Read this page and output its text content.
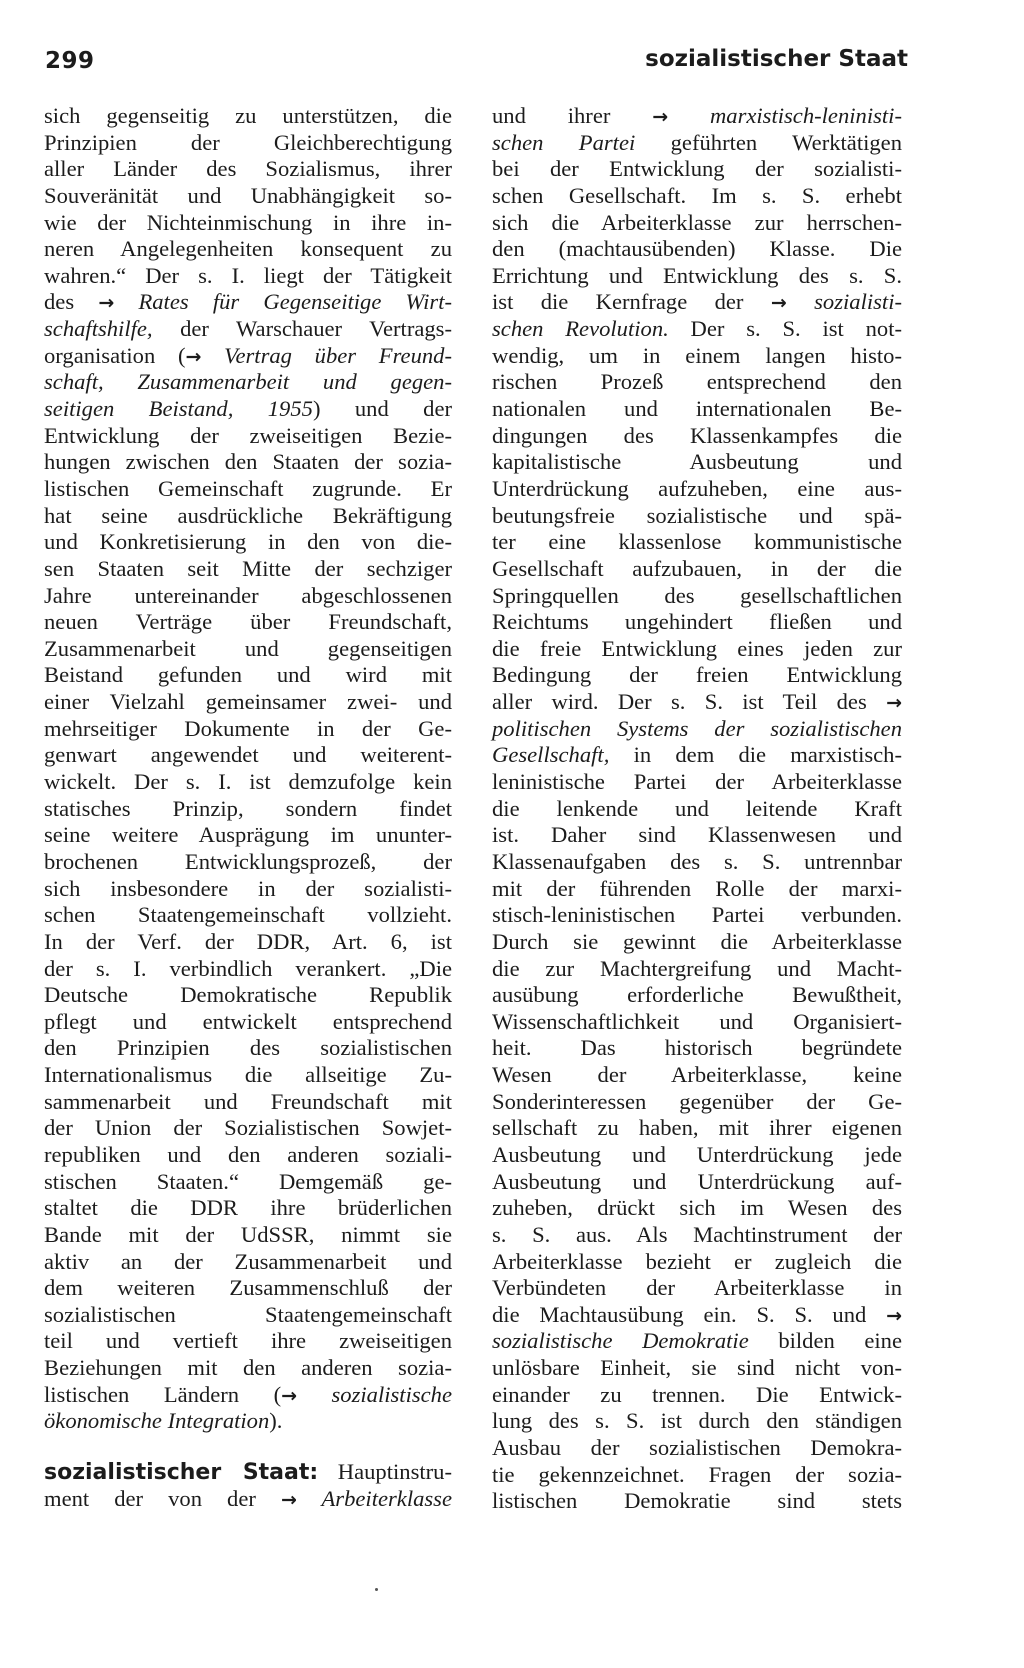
299	sozialistischer Staat
sich gegenseitig zu unterstützen, die
Prinzipien der Gleichberechtigung
aller Länder des Sozialismus, ihrer
Souveränität und Unabhängigkeit so-
wie der Nichteinmischung in ihre in-
neren Angelegenheiten konsequent zu
wahren.“ Der s. I. liegt der Tätigkeit
des → Rates für Gegenseitige Wirt-
schaftshilfe, der Warschauer Vertrags-
organisation (→ Vertrag über Freund-
schaft, Zusammenarbeit und gegen-
seitigen Beistand, 1955) und der
Entwicklung der zweiseitigen Bezie-
hungen zwischen den Staaten der sozia-
listischen Gemeinschaft zugrunde. Er
hat seine ausdrückliche Bekräftigung
und Konkretisierung in den von die-
sen Staaten seit Mitte der sechziger
Jahre untereinander abgeschlossenen
neuen Verträge über Freundschaft,
Zusammenarbeit und gegenseitigen
Beistand gefunden und wird mit
einer Vielzahl gemeinsamer zwei- und
mehrseitiger Dokumente in der Ge-
genwart angewendet und weiterent-
wickelt. Der s. I. ist demzufolge kein
statisches Prinzip, sondern findet
seine weitere Ausprägung im ununter-
brochenen Entwicklungsprozeß, der
sich insbesondere in der sozialisti-
schen Staatengemeinschaft vollzieht.
In der Verf. der DDR, Art. 6, ist
der s. I. verbindlich verankert. „Die
Deutsche Demokratische Republik
pflegt und entwickelt entsprechend
den Prinzipien des sozialistischen
Internationalismus die allseitige Zu-
sammenarbeit und Freundschaft mit
der Union der Sozialistischen Sowjet-
republiken und den anderen soziali-
stischen Staaten.“ Demgemäß ge-
staltet die DDR ihre brüderlichen
Bande mit der UdSSR, nimmt sie
aktiv an der Zusammenarbeit und
dem weiteren Zusammenschluß der
sozialistischen Staatengemeinschaft
teil und vertieft ihre zweiseitigen
Beziehungen mit den anderen sozia-
listischen Ländern (→ sozialistische
ökonomische Integration).
sozialistischer Staat: Hauptinstru-
ment der von der → Arbeiterklasse
und ihrer → marxistisch-leninisti-
schen Partei geführten Werktätigen
bei der Entwicklung der sozialisti-
schen Gesellschaft. Im s. S. erhebt
sich die Arbeiterklasse zur herrschen-
den (machtausübenden) Klasse. Die
Errichtung und Entwicklung des s. S.
ist die Kernfrage der → sozialisti-
schen Revolution. Der s. S. ist not-
wendig, um in einem langen histo-
rischen Prozeß entsprechend den
nationalen und internationalen Be-
dingungen des Klassenkampfes die
kapitalistische Ausbeutung und
Unterdrückung aufzuheben, eine aus-
beutungsfreie sozialistische und spä-
ter eine klassenlose kommunistische
Gesellschaft aufzubauen, in der die
Springquellen des gesellschaftlichen
Reichtums ungehindert fließen und
die freie Entwicklung eines jeden zur
Bedingung der freien Entwicklung
aller wird. Der s. S. ist Teil des →
politischen Systems der sozialistischen
Gesellschaft, in dem die marxistisch-
leninistische Partei der Arbeiterklasse
die lenkende und leitende Kraft
ist. Daher sind Klassenwesen und
Klassenaufgaben des s. S. untrennbar
mit der führenden Rolle der marxi-
stisch-leninistischen Partei verbunden.
Durch sie gewinnt die Arbeiterklasse
die zur Machtergreifung und Macht-
ausübung erforderliche Bewußtheit,
Wissenschaftlichkeit und Organisiert-
heit. Das historisch begründete
Wesen der Arbeiterklasse, keine
Sonderinteressen gegenüber der Ge-
sellschaft zu haben, mit ihrer eigenen
Ausbeutung und Unterdrückung jede
Ausbeutung und Unterdrückung auf-
zuheben, drückt sich im Wesen des
s. S. aus. Als Machtinstrument der
Arbeiterklasse bezieht er zugleich die
Verbündeten der Arbeiterklasse in
die Machtausübung ein. S. S. und →
sozialistische Demokratie bilden eine
unlösbare Einheit, sie sind nicht von-
einander zu trennen. Die Entwick-
lung des s. S. ist durch den ständigen
Ausbau der sozialistischen Demokra-
tie gekennzeichnet. Fragen der sozia-
listischen Demokratie sind stets
